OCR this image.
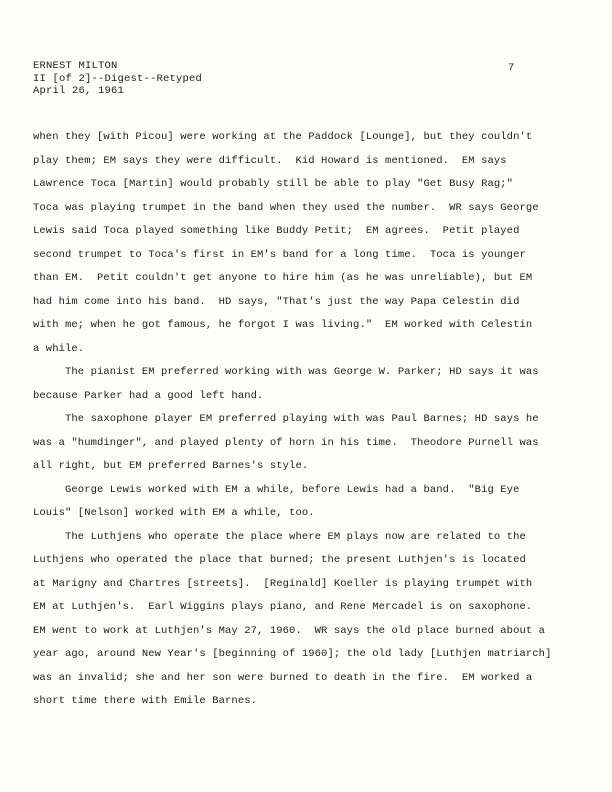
ERNEST MILTON
II [of 2]--Digest--Retyped
April 26, 1961
7
when they [with Picou] were working at the Paddock [Lounge], but they couldn't
play them; EM says they were difficult.  Kid Howard is mentioned.  EM says
Lawrence Toca [Martin] would probably still be able to play "Get Busy Rag;"
Toca was playing trumpet in the band when they used the number.  WR says George
Lewis said Toca played something like Buddy Petit;  EM agrees.  Petit played
second trumpet to Toca's first in EM's band for a long time.  Toca is younger
than EM.  Petit couldn't get anyone to hire him (as he was unreliable), but EM
had him come into his band.  HD says, "That's just the way Papa Celestin did
with me; when he got famous, he forgot I was living."  EM worked with Celestin
a while.
The pianist EM preferred working with was George W. Parker; HD says it was
because Parker had a good left hand.
The saxophone player EM preferred playing with was Paul Barnes; HD says he
was a "humdinger", and played plenty of horn in his time.  Theodore Purnell was
all right, but EM preferred Barnes's style.
George Lewis worked with EM a while, before Lewis had a band.  "Big Eye
Louis" [Nelson] worked with EM a while, too.
The Luthjens who operate the place where EM plays now are related to the
Luthjens who operated the place that burned; the present Luthjen's is located
at Marigny and Chartres [streets].  [Reginald] Koeller is playing trumpet with
EM at Luthjen's.  Earl Wiggins plays piano, and Rene Mercadel is on saxophone.
EM went to work at Luthjen's May 27, 1960.  WR says the old place burned about a
year ago, around New Year's [beginning of 1960]; the old lady [Luthjen matriarch]
was an invalid; she and her son were burned to death in the fire.  EM worked a
short time there with Emile Barnes.
